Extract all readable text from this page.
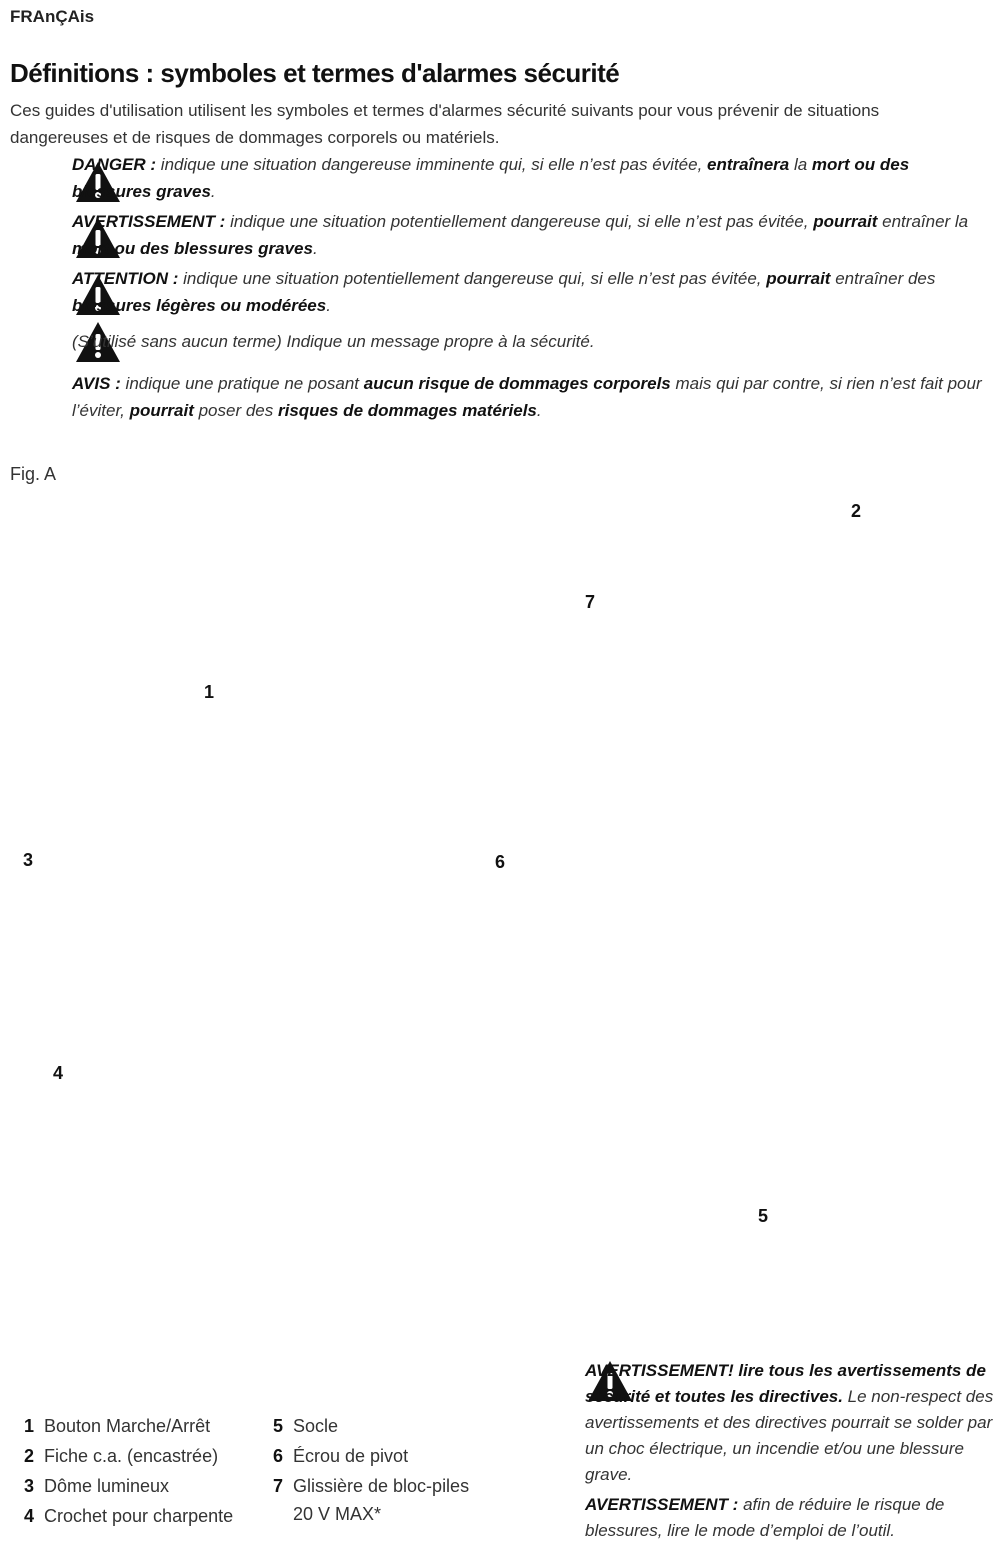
FRAnÇAis
Définitions : symboles et termes d'alarmes sécurité
Ces guides d'utilisation utilisent les symboles et termes d'alarmes sécurité suivants pour vous prévenir de situations
dangereuses et de risques de dommages corporels ou matériels.
DANGER : indique une situation dangereuse imminente qui, si elle n’est pas évitée, entraînera la mort ou des blessures graves.
AVERTISSEMENT : indique une situation potentiellement dangereuse qui, si elle n’est pas évitée, pourrait entraîner la mort ou des blessures graves.
ATTENTION : indique une situation potentiellement dangereuse qui, si elle n’est pas évitée, pourrait entraîner des blessures légères ou modérées.
(S’utilisé sans aucun terme) Indique un message propre à la sécurité.
AVIS : indique une pratique ne posant aucun risque de dommages corporels mais qui par contre, si rien n’est fait pour l’éviter, pourrait poser des risques de dommages matériels.
Fig. A
2
7
1
3	6
4
5
1 Bouton Marche/Arrêt
2 Fiche c.a. (encastrée)
3 Dôme lumineux
4 Crochet pour charpente
5 Socle
6 Écrou de pivot
7 Glissière de bloc-piles
20 V MAX*
AVERTISSEMENT! lire tous les avertissements de sécurité et toutes les directives. Le non-respect des avertissements et des directives pourrait se solder par un choc électrique, un incendie et/ou une blessure grave.
AVERTISSEMENT : afin de réduire le risque de blessures, lire le mode d’emploi de l’outil.
